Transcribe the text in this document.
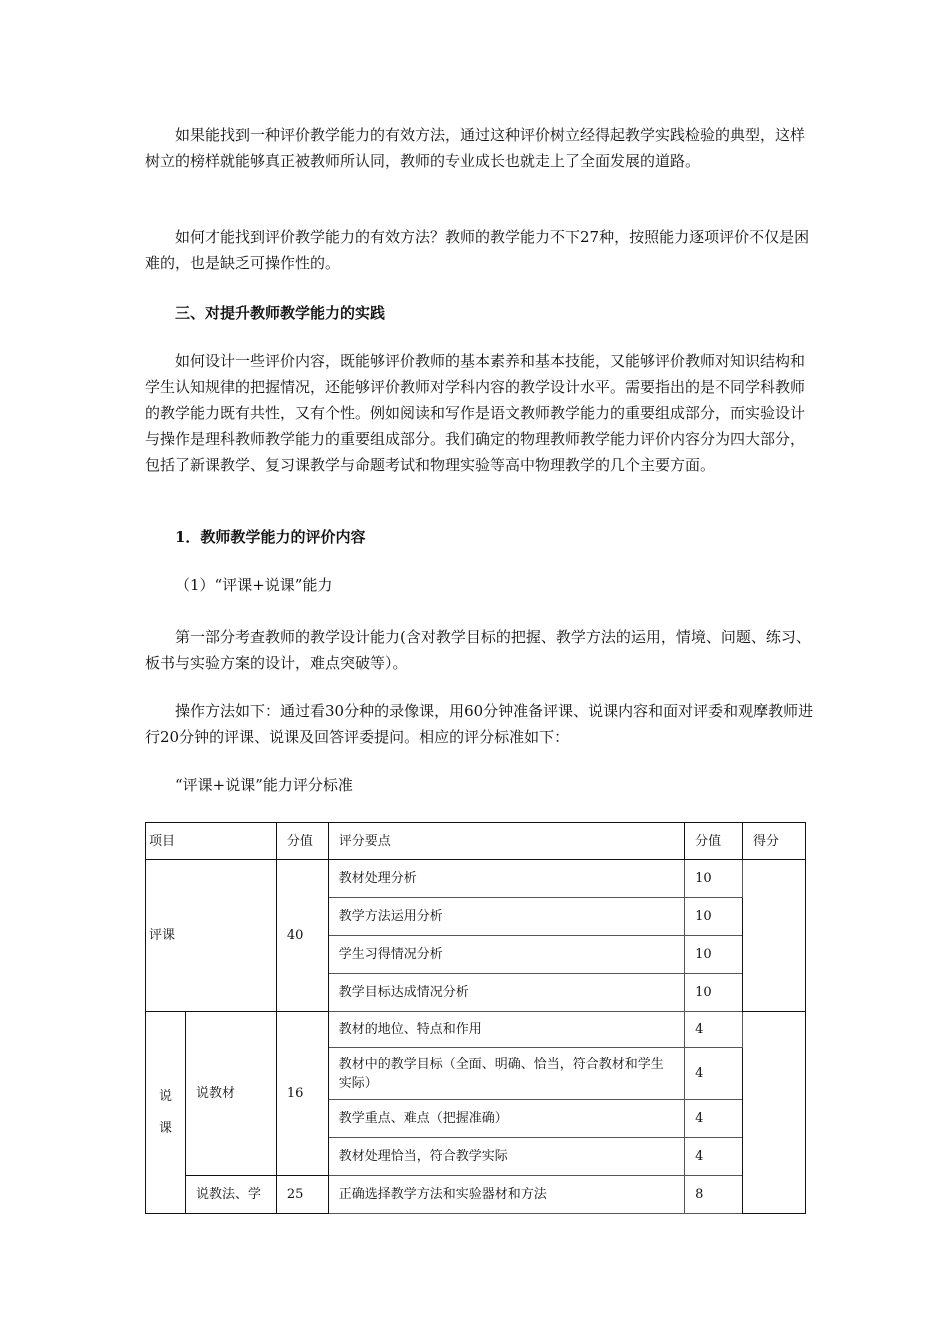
如果能找到一种评价教学能力的有效方法，通过这种评价树立经得起教学实践检验的典型，这样树立的榜样就能够真正被教师所认同，教师的专业成长也就走上了全面发展的道路。

如何才能找到评价教学能力的有效方法？教师的教学能力不下27种，按照能力逐项评价不仅是困难的，也是缺乏可操作性的。

三、对提升教师教学能力的实践

如何设计一些评价内容，既能够评价教师的基本素养和基本技能，又能够评价教师对知识结构和学生认知规律的把握情况，还能够评价教师对学科内容的教学设计水平。需要指出的是不同学科教师的教学能力既有共性，又有个性。例如阅读和写作是语文教师教学能力的重要组成部分，而实验设计与操作是理科教师教学能力的重要组成部分。我们确定的物理教师教学能力评价内容分为四大部分，包括了新课教学、复习课教学与命题考试和物理实验等高中物理教学的几个主要方面。

1．教师教学能力的评价内容

（1）“评课+说课”能力

第一部分考查教师的教学设计能力(含对教学目标的把握、教学方法的运用，情境、问题、练习、板书与实验方案的设计，难点突破等）。

操作方法如下：通过看30分种的录像课，用60分钟准备评课、说课内容和面对评委和观摩教师进行20分钟的评课、说课及回答评委提问。相应的评分标准如下：

“评课+说课”能力评分标准

项目		分值	评分要点	分值	得分
评课		40	教材处理分析	10	
			教学方法运用分析	10	
			学生习得情况分析	10	
			教学目标达成情况分析	10	
说
课	说教材	16	教材的地位、特点和作用	4	
			教材中的教学目标（全面、明确、恰当，符合教材和学生实际）	4	
			教学重点、难点（把握准确）	4	
			教材处理恰当，符合教学实际	4	
	说教法、学	25	正确选择教学方法和实验器材和方法	8	
